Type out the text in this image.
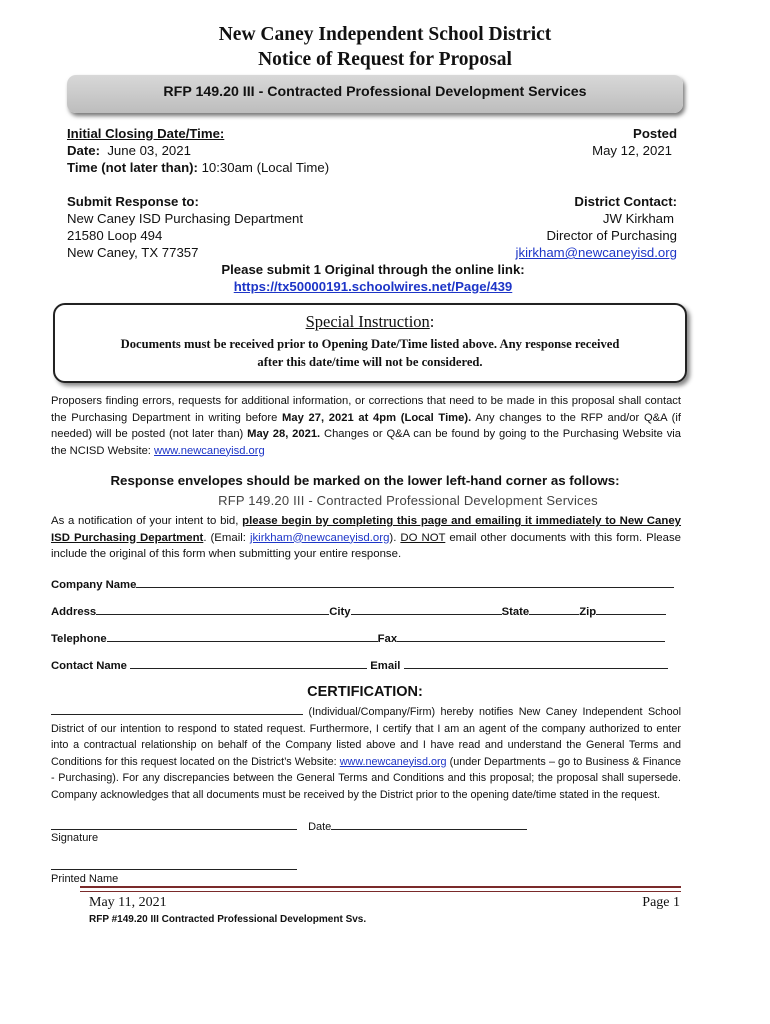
New Caney Independent School District
Notice of Request for Proposal
RFP 149.20 III - Contracted Professional Development Services
Initial Closing Date/Time:
Date: June 03, 2021
Time (not later than): 10:30am (Local Time)
Posted
May 12, 2021
Submit Response to:
New Caney ISD Purchasing Department
21580 Loop 494
New Caney, TX 77357
District Contact:
JW Kirkham
Director of Purchasing
jkirkham@newcaneyisd.org
Please submit 1 Original through the online link:
https://tx50000191.schoolwires.net/Page/439
Special Instruction:
Documents must be received prior to Opening Date/Time listed above. Any response received
after this date/time will not be considered.
Proposers finding errors, requests for additional information, or corrections that need to be made in this proposal shall contact the Purchasing Department in writing before May 27, 2021 at 4pm (Local Time). Any changes to the RFP and/or Q&A (if needed) will be posted (not later than) May 28, 2021. Changes or Q&A can be found by going to the Purchasing Website via the NCISD Website: www.newcaneyisd.org
Response envelopes should be marked on the lower left-hand corner as follows:
RFP 149.20 III - Contracted Professional Development Services
As a notification of your intent to bid, please begin by completing this page and emailing it immediately to New Caney ISD Purchasing Department. (Email: jkirkham@newcaneyisd.org). DO NOT email other documents with this form. Please include the original of this form when submitting your entire response.
Company Name
Address	City	State	Zip
Telephone	Fax
Contact Name	Email
CERTIFICATION:
(Individual/Company/Firm) hereby notifies New Caney Independent School District of our intention to respond to stated request. Furthermore, I certify that I am an agent of the company authorized to enter into a contractual relationship on behalf of the Company listed above and I have read and understand the General Terms and Conditions for this request located on the District’s Website: www.newcaneyisd.org (under Departments – go to Business & Finance - Purchasing). For any discrepancies between the General Terms and Conditions and this proposal; the proposal shall supersede. Company acknowledges that all documents must be received by the District prior to the opening date/time stated in the request.
Date
Signature
Printed Name
May 11, 2021	Page 1
RFP #149.20 III Contracted Professional Development Svs.
